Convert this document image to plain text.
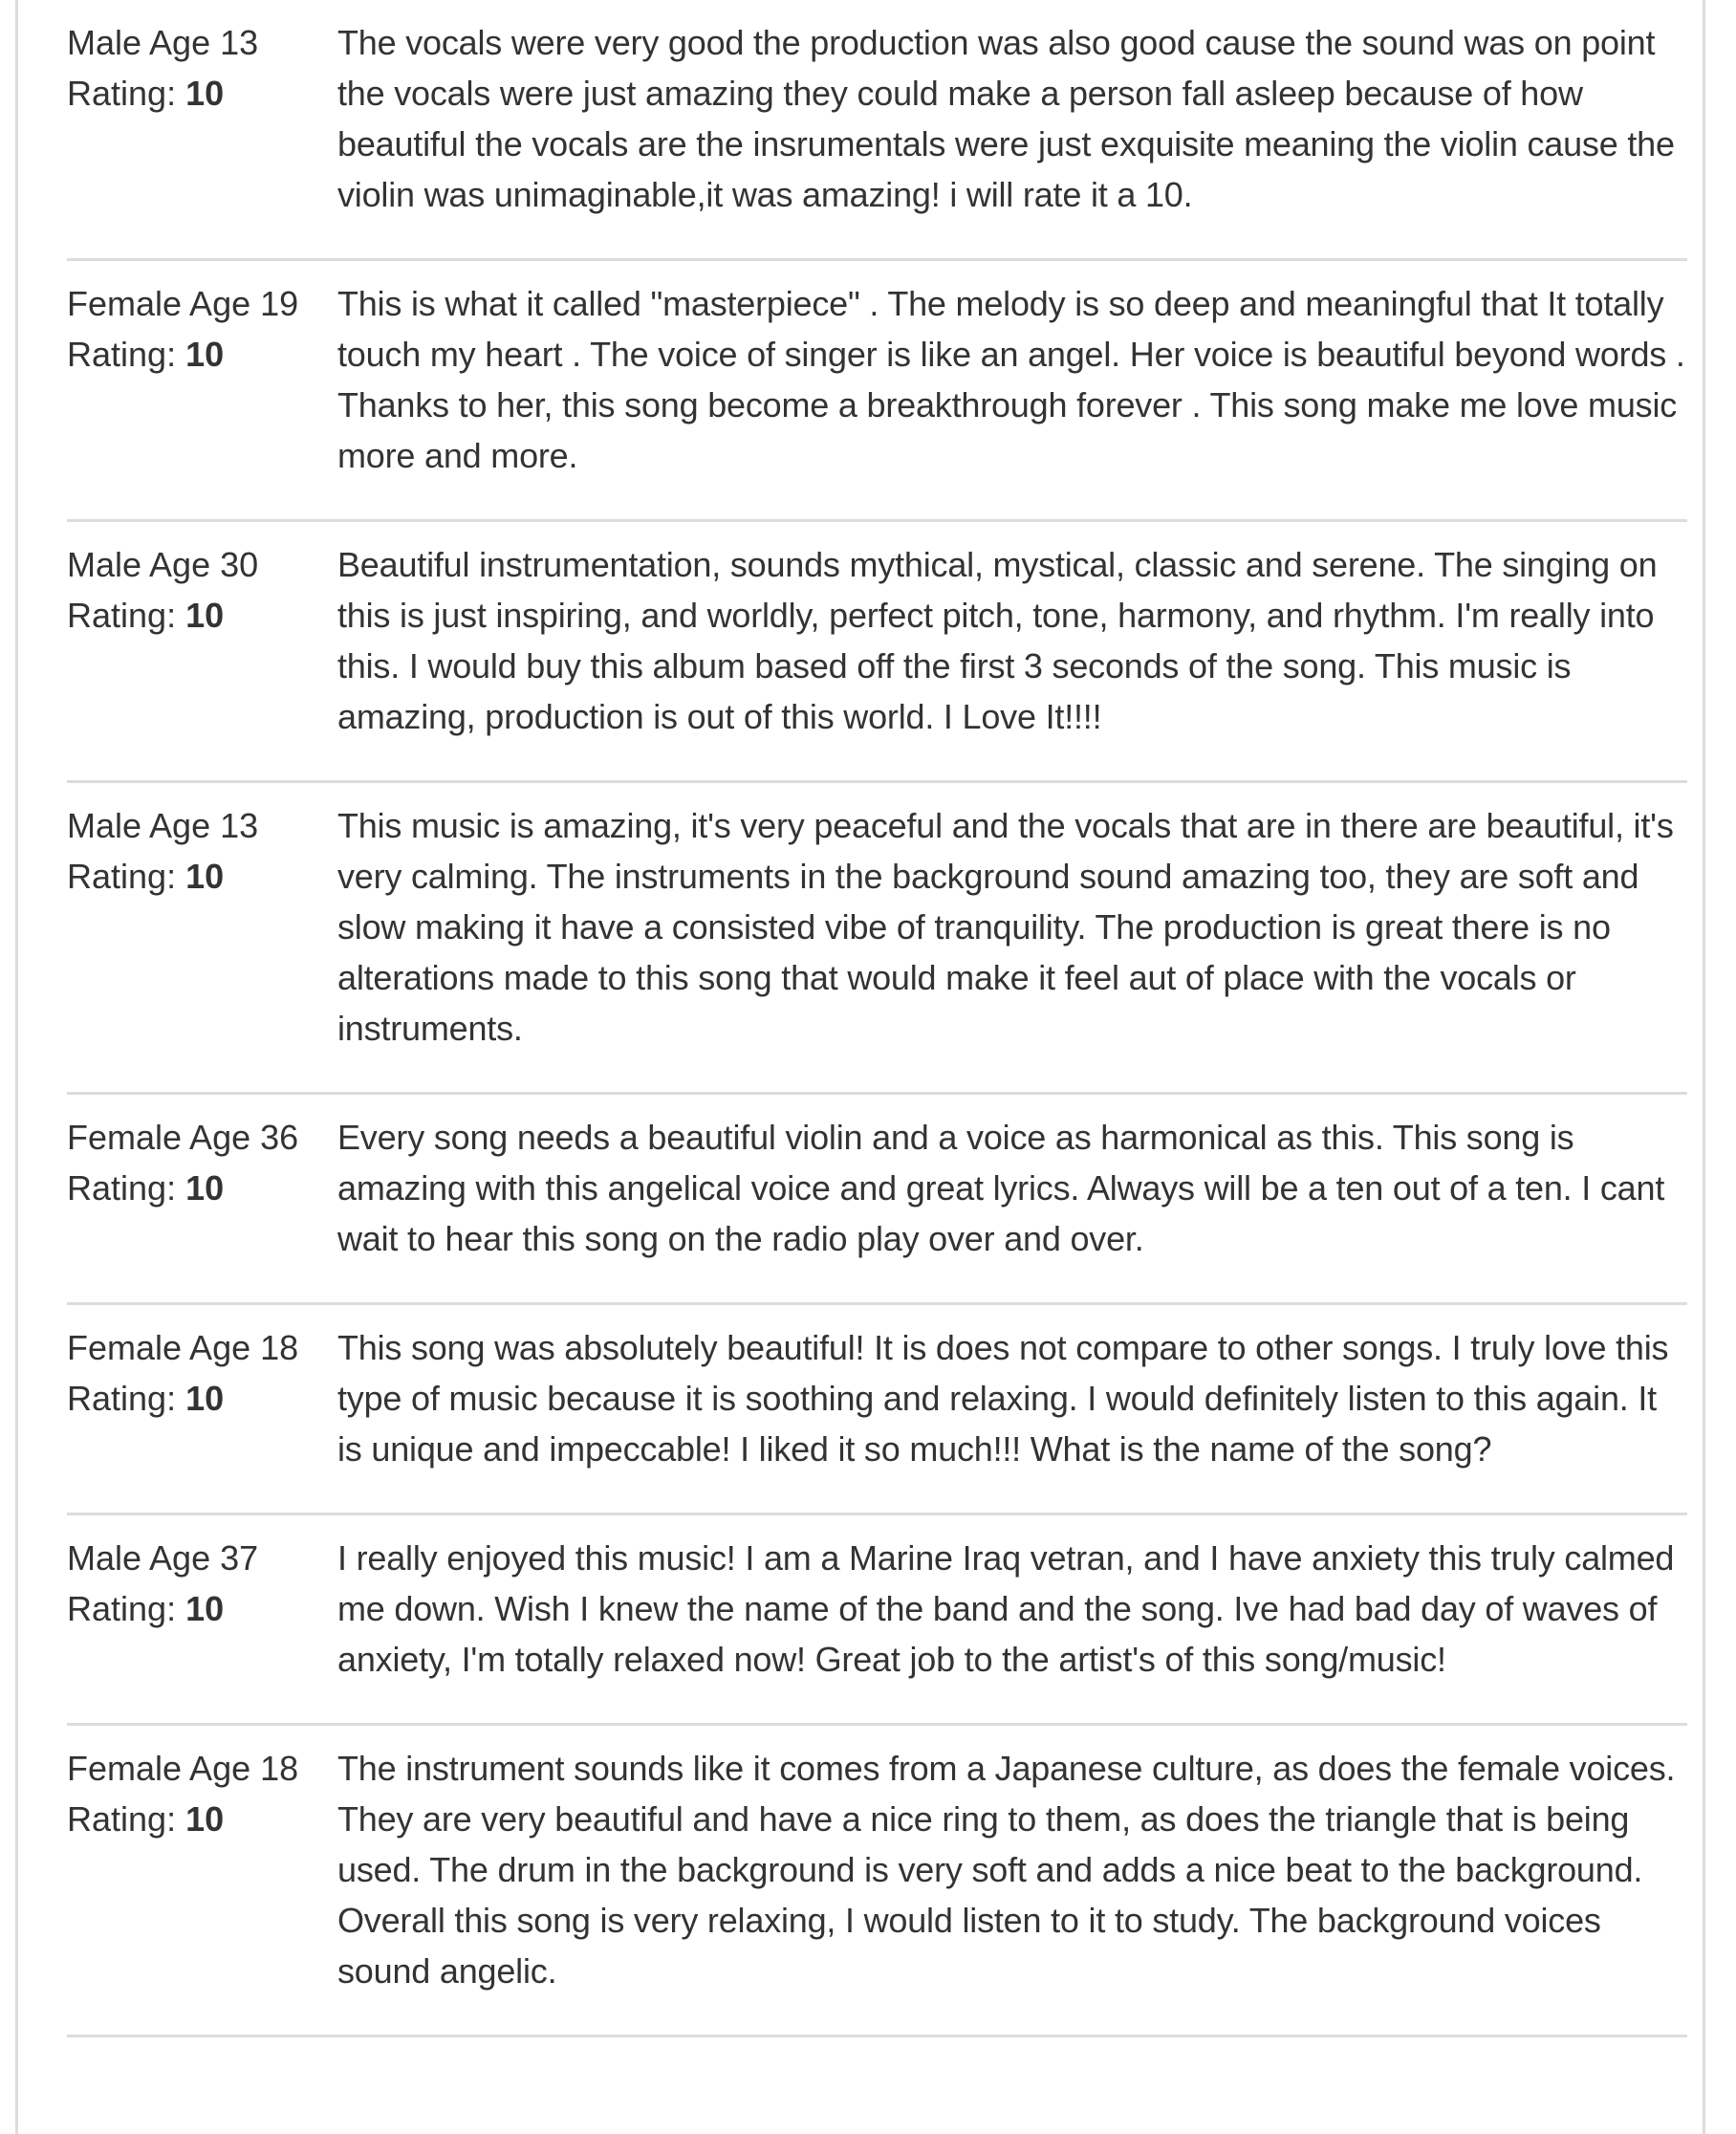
Male Age 13
Rating: 10

The vocals were very good the production was also good cause the sound was on point the vocals were just amazing they could make a person fall asleep because of how beautiful the vocals are the insrumentals were just exquisite meaning the violin cause the violin was unimaginable,it was amazing! i will rate it a 10.

Female Age 19
Rating: 10

This is what it called "masterpiece" . The melody is so deep and meaningful that It totally touch my heart . The voice of singer is like an angel. Her voice is beautiful beyond words . Thanks to her, this song become a breakthrough forever . This song make me love music more and more.

Male Age 30
Rating: 10

Beautiful instrumentation, sounds mythical, mystical, classic and serene. The singing on this is just inspiring, and worldly, perfect pitch, tone, harmony, and rhythm. I'm really into this. I would buy this album based off the first 3 seconds of the song. This music is amazing, production is out of this world. I Love It!!!!

Male Age 13
Rating: 10

This music is amazing, it's very peaceful and the vocals that are in there are beautiful, it's very calming. The instruments in the background sound amazing too, they are soft and slow making it have a consisted vibe of tranquility. The production is great there is no alterations made to this song that would make it feel aut of place with the vocals or instruments.

Female Age 36
Rating: 10

Every song needs a beautiful violin and a voice as harmonical as this. This song is amazing with this angelical voice and great lyrics. Always will be a ten out of a ten. I cant wait to hear this song on the radio play over and over.

Female Age 18
Rating: 10

This song was absolutely beautiful! It is does not compare to other songs. I truly love this type of music because it is soothing and relaxing. I would definitely listen to this again. It is unique and impeccable! I liked it so much!!! What is the name of the song?

Male Age 37
Rating: 10

I really enjoyed this music! I am a Marine Iraq vetran, and I have anxiety this truly calmed me down. Wish I knew the name of the band and the song. Ive had bad day of waves of anxiety, I'm totally relaxed now! Great job to the artist's of this song/music!

Female Age 18
Rating: 10

The instrument sounds like it comes from a Japanese culture, as does the female voices. They are very beautiful and have a nice ring to them, as does the triangle that is being used. The drum in the background is very soft and adds a nice beat to the background. Overall this song is very relaxing, I would listen to it to study. The background voices sound angelic.
